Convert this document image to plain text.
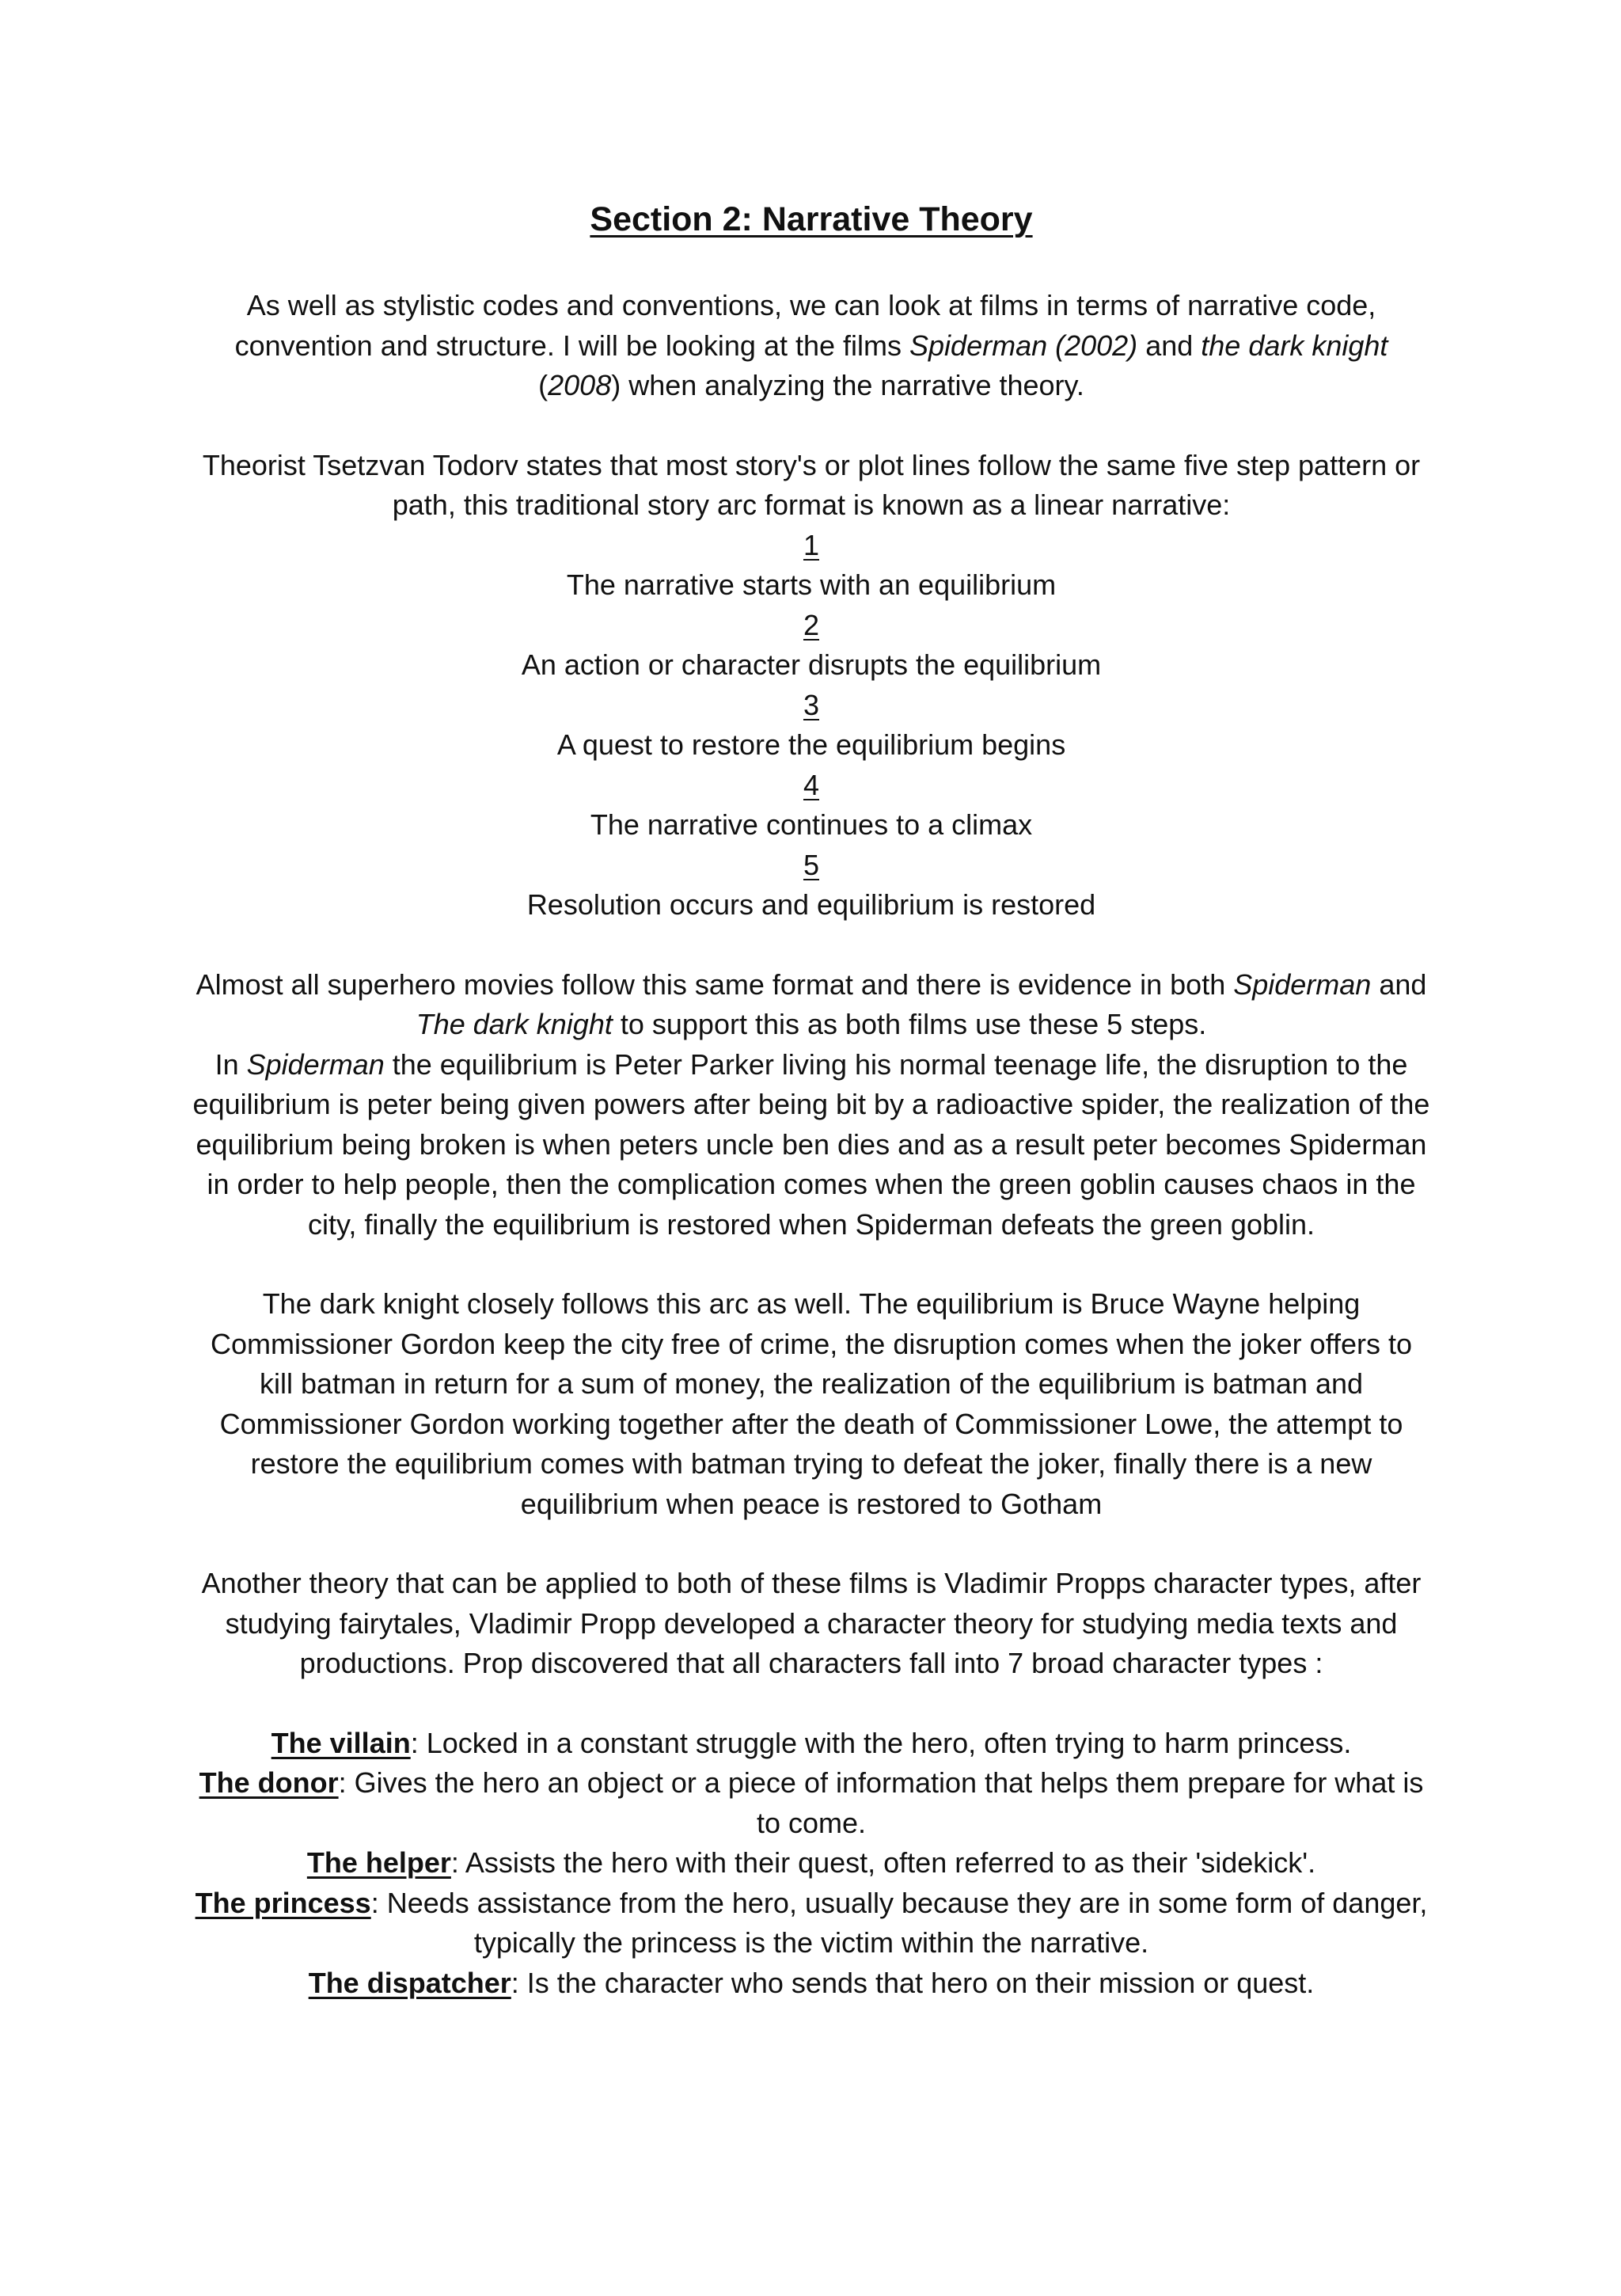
Section 2: Narrative Theory

As well as stylistic codes and conventions, we can look at films in terms of narrative code, convention and structure. I will be looking at the films Spiderman (2002) and the dark knight
(2008) when analyzing the narrative theory.

Theorist Tsetzvan Todorv states that most story's or plot lines follow the same five step pattern or path, this traditional story arc format is known as a linear narrative:

1
The narrative starts with an equilibrium
2
An action or character disrupts the equilibrium
3
A quest to restore the equilibrium begins
4
The narrative continues to a climax
5
Resolution occurs and equilibrium is restored

Almost all superhero movies follow this same format and there is evidence in both Spiderman and The dark knight to support this as both films use these 5 steps.

In Spiderman the equilibrium is Peter Parker living his normal teenage life, the disruption to the equilibrium is peter being given powers after being bit by a radioactive spider, the realization of the equilibrium being broken is when peters uncle ben dies and as a result peter becomes Spiderman in order to help people, then the complication comes when the green goblin causes chaos in the city, finally the equilibrium is restored when Spiderman defeats the green goblin.

The dark knight closely follows this arc as well. The equilibrium is Bruce Wayne helping Commissioner Gordon keep the city free of crime, the disruption comes when the joker offers to kill batman in return for a sum of money, the realization of the equilibrium is batman and Commissioner Gordon working together after the death of Commissioner Lowe, the attempt to restore the equilibrium comes with batman trying to defeat the joker, finally there is a new equilibrium when peace is restored to Gotham

Another theory that can be applied to both of these films is Vladimir Propps character types, after studying fairytales, Vladimir Propp developed a character theory for studying media texts and productions. Prop discovered that all characters fall into 7 broad character types :

The villain: Locked in a constant struggle with the hero, often trying to harm princess.

The donor: Gives the hero an object or a piece of information that helps them prepare for what is to come.

The helper: Assists the hero with their quest, often referred to as their 'sidekick'.

The princess: Needs assistance from the hero, usually because they are in some form of danger, typically the princess is the victim within the narrative.

The dispatcher: Is the character who sends that hero on their mission or quest.
